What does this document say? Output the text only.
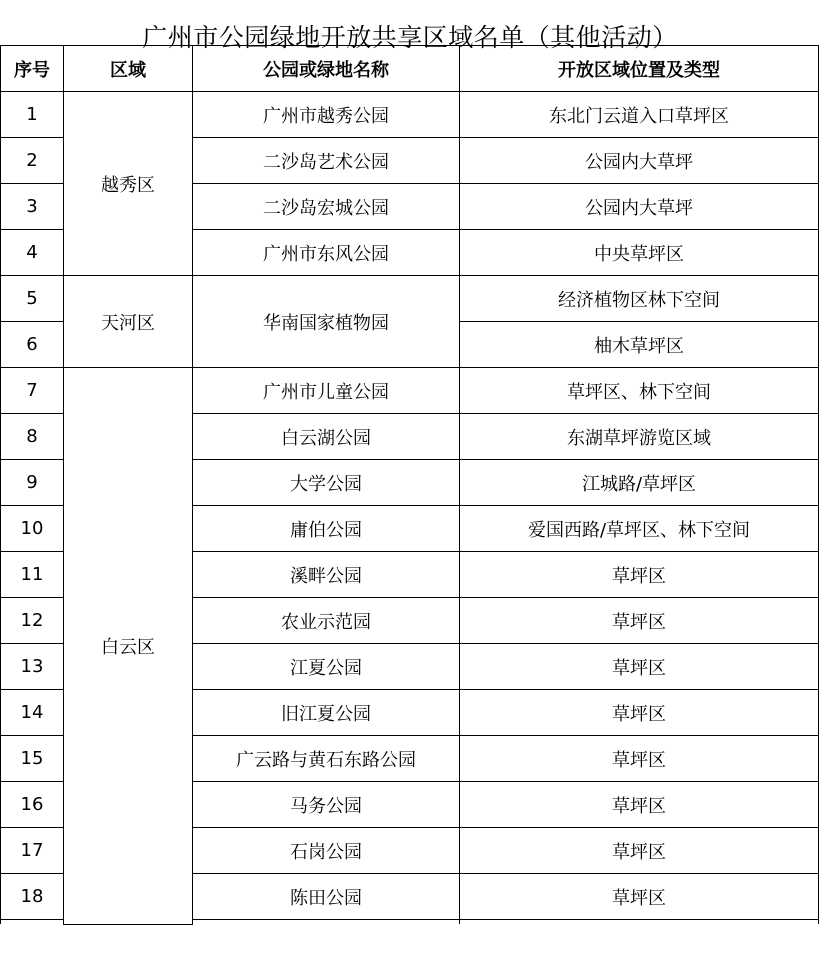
广州市公园绿地开放共享区域名单（其他活动）
序号	区域	公园或绿地名称	开放区域位置及类型	
1	越秀区	广州市越秀公园	东北门云道入口草坪区	
2		二沙岛艺术公园	公园内大草坪	
3		二沙岛宏城公园	公园内大草坪	
4		广州市东风公园	中央草坪区	
5	天河区	华南国家植物园	经济植物区林下空间	
6			柚木草坪区	
7	白云区	广州市儿童公园	草坪区、林下空间	
8		白云湖公园	东湖草坪游览区域	
9		大学公园	江城路/草坪区	
10		庸伯公园	爱国西路/草坪区、林下空间	
11		溪畔公园	草坪区	
12		农业示范园	草坪区	
13		江夏公园	草坪区	
14		旧江夏公园	草坪区	
15		广云路与黄石东路公园	草坪区	
16		马务公园	草坪区	
17		石岗公园	草坪区	
18		陈田公园	草坪区	
